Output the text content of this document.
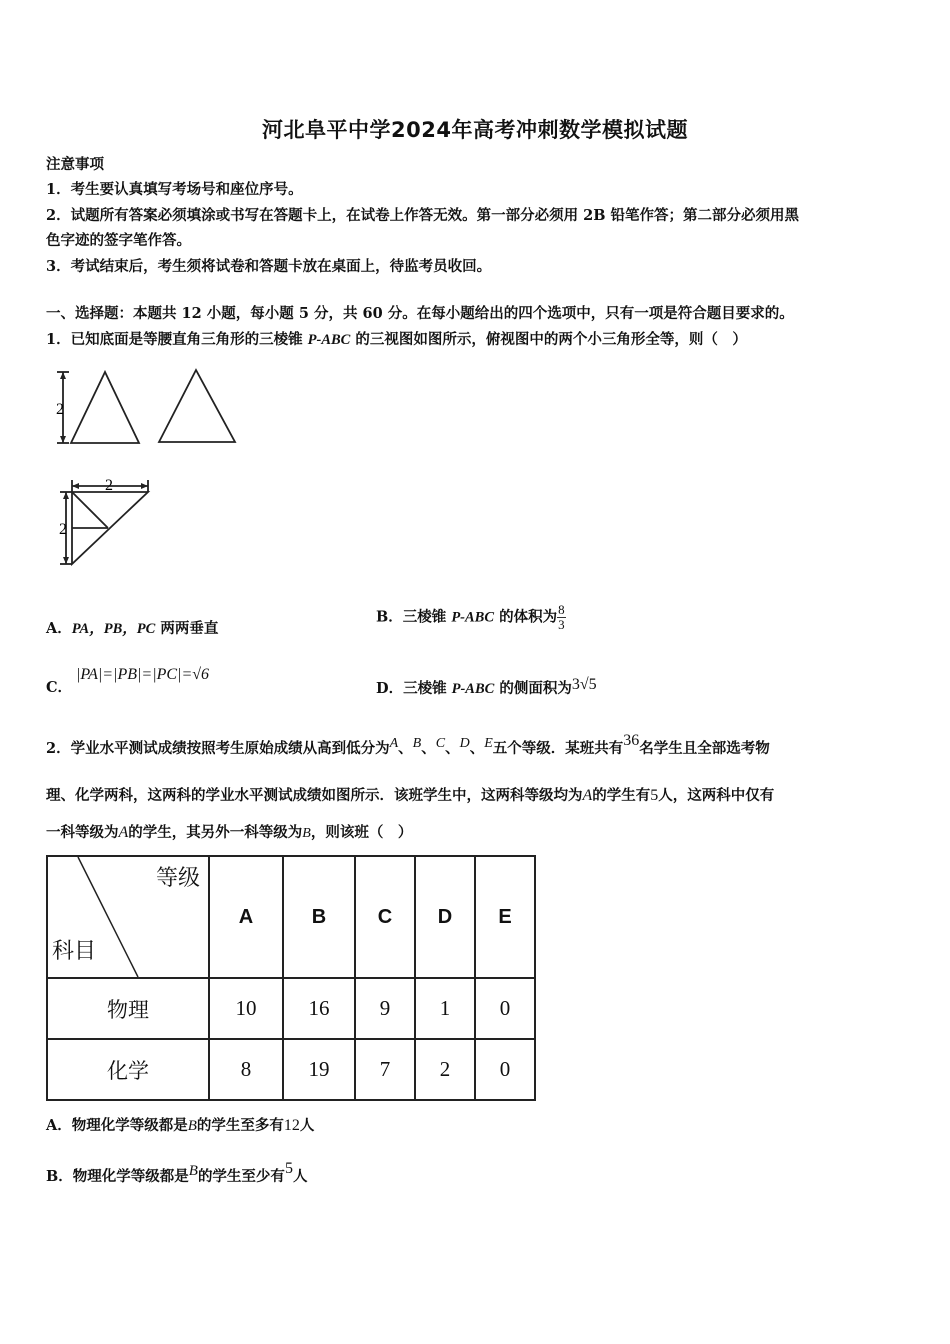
河北阜平中学2024年高考冲刺数学模拟试题
注意事项
1．考生要认真填写考场号和座位序号。
2．试题所有答案必须填涂或书写在答题卡上，在试卷上作答无效。第一部分必须用 2B 铅笔作答；第二部分必须用黑
色字迹的签字笔作答。
3．考试结束后，考生须将试卷和答题卡放在桌面上，待监考员收回。
一、选择题：本题共 12 小题，每小题 5 分，共 60 分。在每小题给出的四个选项中，只有一项是符合题目要求的。
1．已知底面是等腰直角三角形的三棱锥 P-ABC 的三视图如图所示，俯视图中的两个小三角形全等，则（　）
2
2
2
A．PA，PB，PC 两两垂直
B．三棱锥 P-ABC 的体积为 $\frac{8}{3}$
C．
|PA|=|PB|=|PC|=√6
D．三棱锥 P-ABC 的侧面积为3√5
2．学业水平测试成绩按照考生原始成绩从高到低分为A、B、C、D、E五个等级．某班共有36名学生且全部选考物
理、化学两科，这两科的学业水平测试成绩如图所示．该班学生中，这两科等级均为A的学生有5人，这两科中仅有
一科等级为A的学生，其另外一科等级为B，则该班（　）
等级
科目	A	B	C	D	E
物理	10	16	9	1	0
化学	8	19	7	2	0
A．物理化学等级都是B的学生至多有12人
B．物理化学等级都是B的学生至少有5人
